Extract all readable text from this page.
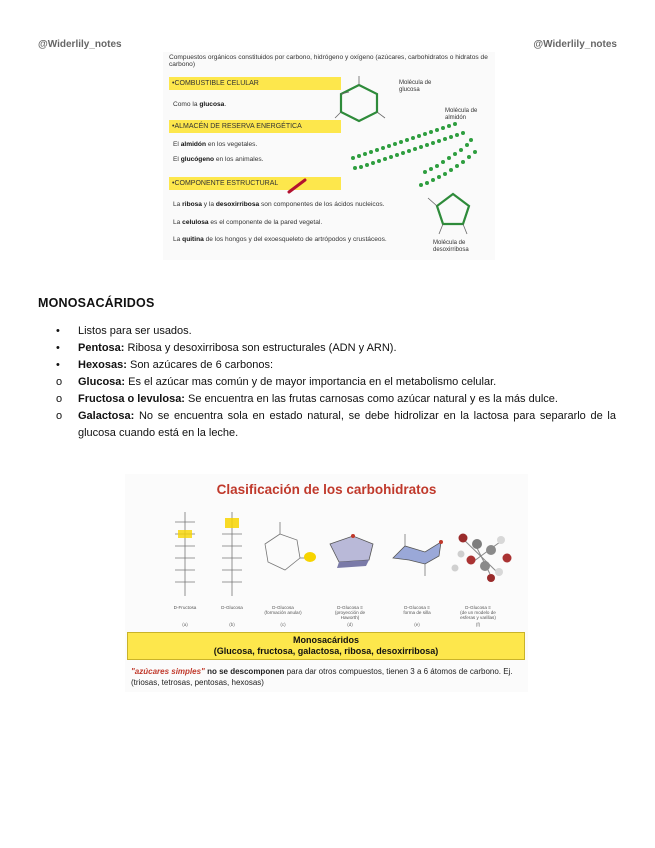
@Widerlily_notes	@Widerlily_notes
Compuestos orgánicos constituidos por carbono, hidrógeno y oxígeno (azúcares, carbohidratos o hidratos de carbono)
•COMBUSTIBLE CELULAR
Como la glucosa.
•ALMACÉN DE RESERVA ENERGÉTICA
El almidón en los vegetales.
El glucógeno en los animales.
•COMPONENTE ESTRUCTURAL
La ribosa y la desoxirribosa son componentes de los ácidos nucleicos.
La celulosa es el componente de la pared vegetal.
La quitina de los hongos y del exoesqueleto de artrópodos y crustáceos.
Molécula de glucosa
Molécula de almidón
Molécula de desoxirribosa
MONOSACÁRIDOS
• Listos para ser usados.
• Pentosa: Ribosa y desoxirribosa son estructurales (ADN y ARN).
• Hexosas: Son azúcares de 6 carbonos:
o Glucosa: Es el azúcar mas común y de mayor importancia en el metabolismo celular.
o Fructosa o levulosa: Se encuentra en las frutas carnosas como azúcar natural y es la más dulce.
o Galactosa: No se encuentra sola en estado natural, se debe hidrolizar en la lactosa para separarlo de la glucosa cuando está en la leche.
Clasificación de los carbohidratos
D-Fructosa	D-Glucosa	D-Glucosa
(formación anular)
D-Glucosa ≡
(proyección de Haworth)
D-Glucosa ≡
forma de silla
D-Glucosa ≡
(de un modelo de esferas y varillas)
(a)	(b)	(c)	(d)	(e)	(f)
Monosacáridos
(Glucosa, fructosa, galactosa, ribosa, desoxirribosa)
"azúcares simples" no se descomponen para dar otros compuestos, tienen 3 a 6 átomos de carbono. Ej. (triosas, tetrosas, pentosas, hexosas)
